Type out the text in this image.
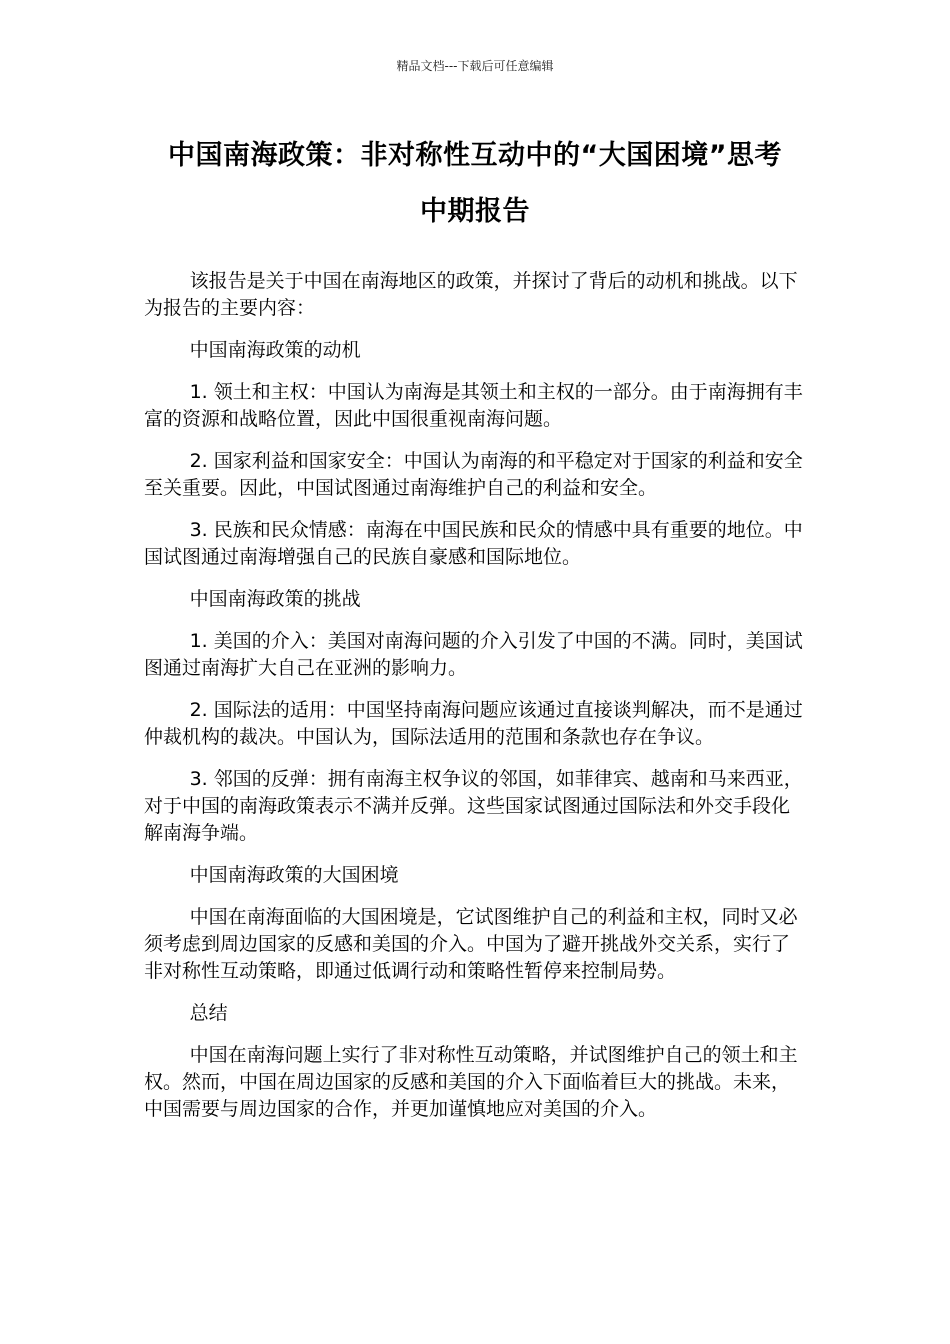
精品文档---下载后可任意编辑
中国南海政策：非对称性互动中的“大国困境”思考
中期报告

该报告是关于中国在南海地区的政策，并探讨了背后的动机和挑战。以下为报告的主要内容：

中国南海政策的动机

1. 领土和主权：中国认为南海是其领土和主权的一部分。由于南海拥有丰富的资源和战略位置，因此中国很重视南海问题。

2. 国家利益和国家安全：中国认为南海的和平稳定对于国家的利益和安全至关重要。因此，中国试图通过南海维护自己的利益和安全。

3. 民族和民众情感：南海在中国民族和民众的情感中具有重要的地位。中国试图通过南海增强自己的民族自豪感和国际地位。

中国南海政策的挑战

1. 美国的介入：美国对南海问题的介入引发了中国的不满。同时，美国试图通过南海扩大自己在亚洲的影响力。

2. 国际法的适用：中国坚持南海问题应该通过直接谈判解决，而不是通过仲裁机构的裁决。中国认为，国际法适用的范围和条款也存在争议。

3. 邻国的反弹：拥有南海主权争议的邻国，如菲律宾、越南和马来西亚，对于中国的南海政策表示不满并反弹。这些国家试图通过国际法和外交手段化解南海争端。

中国南海政策的大国困境

中国在南海面临的大国困境是，它试图维护自己的利益和主权，同时又必须考虑到周边国家的反感和美国的介入。中国为了避开挑战外交关系，实行了非对称性互动策略，即通过低调行动和策略性暂停来控制局势。

总结

中国在南海问题上实行了非对称性互动策略，并试图维护自己的领土和主权。然而，中国在周边国家的反感和美国的介入下面临着巨大的挑战。未来，中国需要与周边国家的合作，并更加谨慎地应对美国的介入。
